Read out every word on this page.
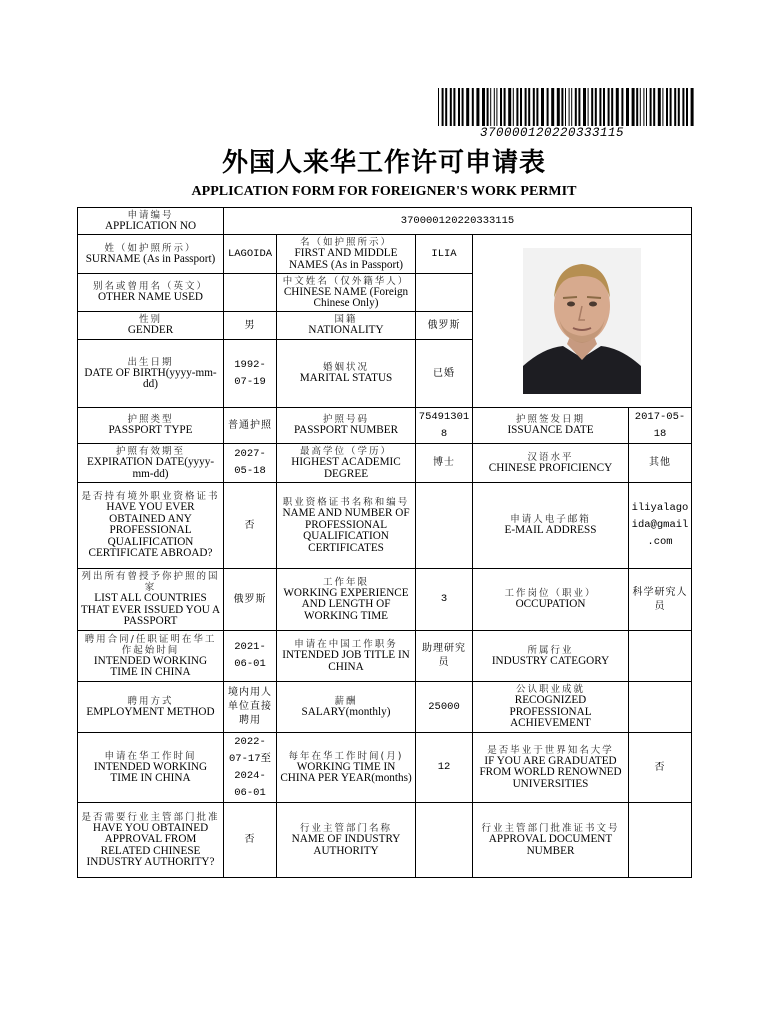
370000120220333115
外国人来华工作许可申请表
APPLICATION FORM FOR FOREIGNER'S WORK PERMIT
申请编号
APPLICATION NO	370000120220333115				

姓（如护照所示）
SURNAME (As in Passport)	LAGOIDA	名（如护照所示）
FIRST AND MIDDLE NAMES (As in Passport)	ILIA	

别名或曾用名（英文）
OTHER NAME USED		中文姓名（仅外籍华人）
CHINESE NAME (Foreign Chinese Only)			

性别
GENDER	男	国籍
NATIONALITY	俄罗斯		

出生日期
DATE OF BIRTH(yyyy-mm-dd)	1992-07-19	婚姻状况
MARITAL STATUS	已婚		

护照类型
PASSPORT TYPE	普通护照	护照号码
PASSPORT NUMBER	754913018	护照签发日期
ISSUANCE DATE	2017-05-18

护照有效期至
EXPIRATION DATE(yyyy-mm-dd)	2027-05-18	最高学位（学历）
HIGHEST ACADEMIC DEGREE	博士	汉语水平
CHINESE PROFICIENCY	其他

是否持有境外职业资格证书
HAVE YOU EVER OBTAINED ANY PROFESSIONAL QUALIFICATION CERTIFICATE ABROAD?	否	职业资格证书名称和编号
NAME AND NUMBER OF PROFESSIONAL QUALIFICATION CERTIFICATES		申请人电子邮箱
E-MAIL ADDRESS	iliyalagoida@gmail.com

列出所有曾授予你护照的国家
LIST ALL COUNTRIES THAT EVER ISSUED YOU A PASSPORT	俄罗斯	工作年限
WORKING EXPERIENCE AND LENGTH OF WORKING TIME	3	工作岗位（职业）
OCCUPATION	科学研究人员

聘用合同/任职证明在华工作起始时间
INTENDED WORKING TIME IN CHINA	2021-06-01	申请在中国工作职务
INTENDED JOB TITLE IN CHINA	助理研究员	所属行业
INDUSTRY CATEGORY	

聘用方式
EMPLOYMENT METHOD	境内用人单位直接聘用	薪酬
SALARY(monthly)	25000	公认职业成就
RECOGNIZED PROFESSIONAL ACHIEVEMENT	

申请在华工作时间
INTENDED WORKING TIME IN CHINA	2022-07-17至2024-06-01	每年在华工作时间(月)
WORKING TIME IN CHINA PER YEAR(months)	12	是否毕业于世界知名大学
IF YOU ARE GRADUATED FROM WORLD RENOWNED UNIVERSITIES	否

是否需要行业主管部门批准
HAVE YOU OBTAINED APPROVAL FROM RELATED CHINESE INDUSTRY AUTHORITY?	否	行业主管部门名称
NAME OF INDUSTRY AUTHORITY		行业主管部门批准证书文号
APPROVAL DOCUMENT NUMBER	
